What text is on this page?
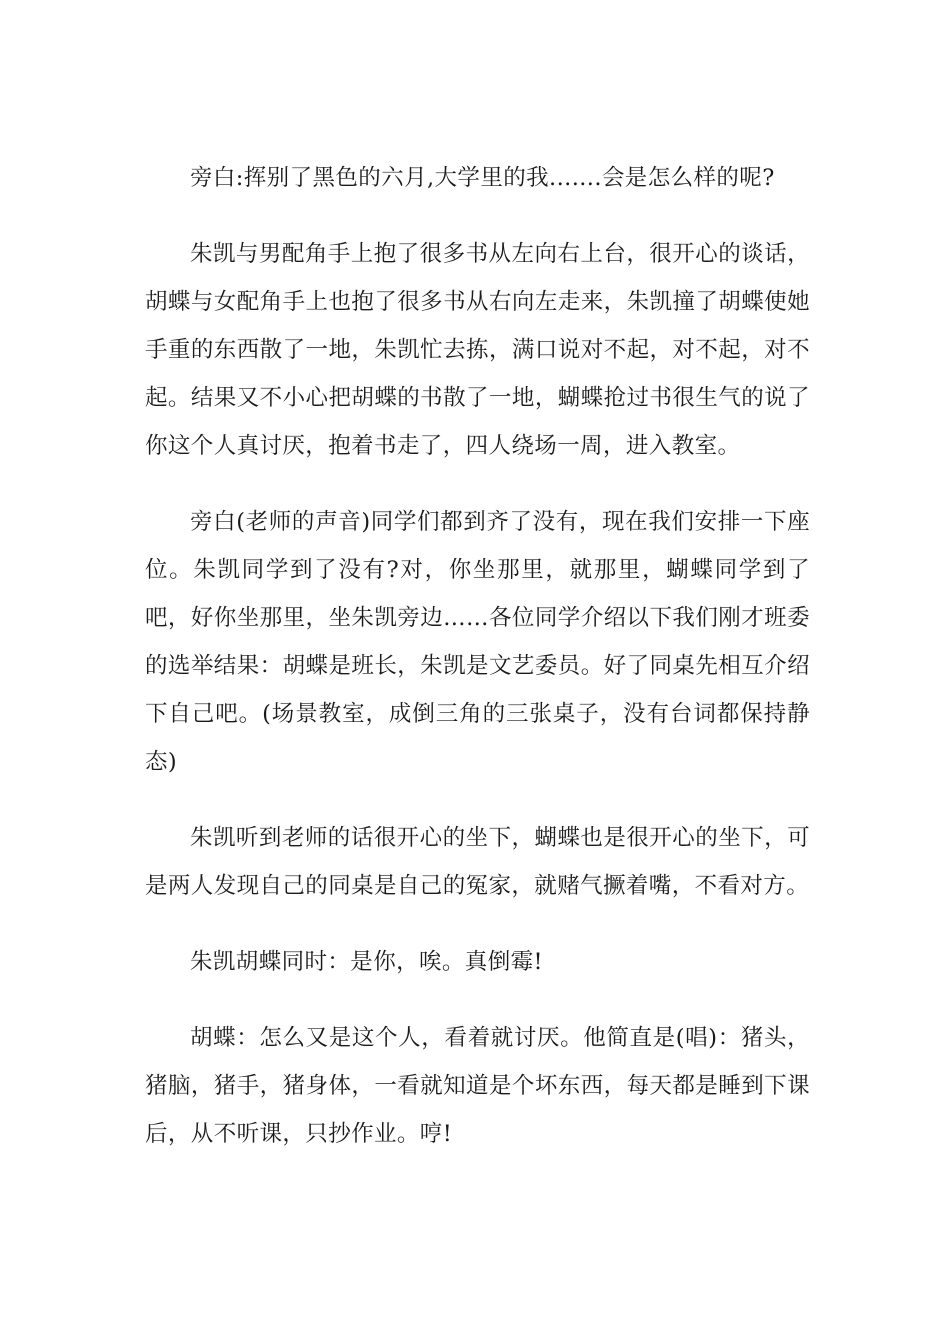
旁白:挥别了黑色的六月,大学里的我.......会是怎么样的呢?

朱凯与男配角手上抱了很多书从左向右上台，很开心的谈话，胡蝶与女配角手上也抱了很多书从右向左走来，朱凯撞了胡蝶使她手重的东西散了一地，朱凯忙去拣，满口说对不起，对不起，对不起。结果又不小心把胡蝶的书散了一地，蝴蝶抢过书很生气的说了你这个人真讨厌，抱着书走了，四人绕场一周，进入教室。

旁白(老师的声音)同学们都到齐了没有，现在我们安排一下座位。朱凯同学到了没有?对，你坐那里，就那里，蝴蝶同学到了吧，好你坐那里，坐朱凯旁边……各位同学介绍以下我们刚才班委的选举结果：胡蝶是班长，朱凯是文艺委员。好了同桌先相互介绍下自己吧。(场景教室，成倒三角的三张桌子，没有台词都保持静态)

朱凯听到老师的话很开心的坐下，蝴蝶也是很开心的坐下，可是两人发现自己的同桌是自己的冤家，就赌气撅着嘴，不看对方。

朱凯胡蝶同时：是你，唉。真倒霉!

胡蝶：怎么又是这个人，看着就讨厌。他简直是(唱)：猪头，猪脑，猪手，猪身体，一看就知道是个坏东西，每天都是睡到下课后，从不听课，只抄作业。哼!
